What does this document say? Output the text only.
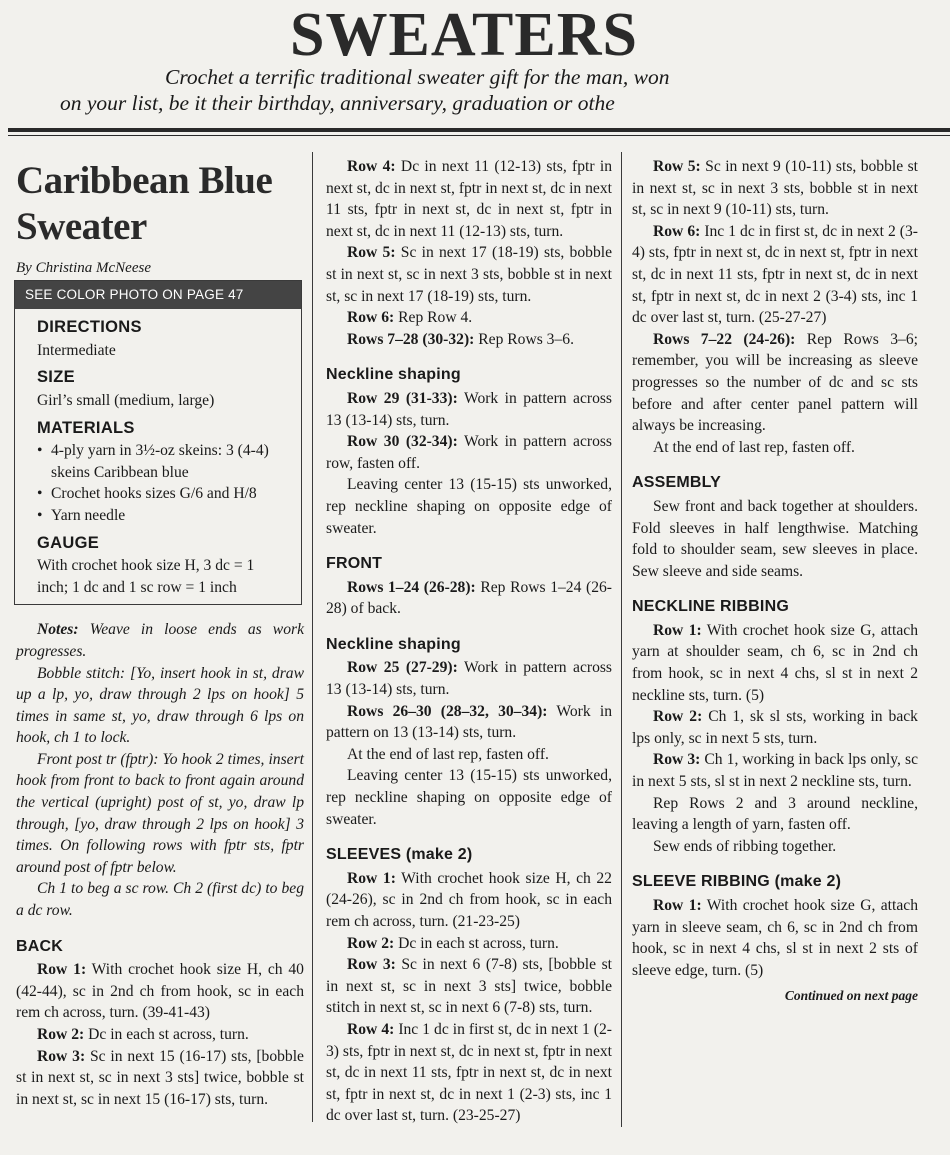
SWEATERS
Crochet a terrific traditional sweater gift for the man, won
on your list, be it their birthday, anniversary, graduation or othe
Caribbean Blue Sweater

By Christina McNeese

SEE COLOR PHOTO ON PAGE 47
DIRECTIONS

Intermediate

SIZE

Girl’s small (medium, large)

MATERIALS
• 4-ply yarn in 3½-oz skeins: 3 (4-4) skeins Caribbean blue
• Crochet hooks sizes G/6 and H/8
• Yarn needle
GAUGE

With crochet hook size H, 3 dc = 1 inch; 1 dc and 1 sc row = 1 inch

Notes: Weave in loose ends as work progresses.

Bobble stitch: [Yo, insert hook in st, draw up a lp, yo, draw through 2 lps on hook] 5 times in same st, yo, draw through 6 lps on hook, ch 1 to lock.

Front post tr (fptr): Yo hook 2 times, insert hook from front to back to front again around the vertical (upright) post of st, yo, draw lp through, [yo, draw through 2 lps on hook] 3 times. On following rows with fptr sts, fptr around post of fptr below.

Ch 1 to beg a sc row. Ch 2 (first dc) to beg a dc row.

BACK

Row 1: With crochet hook size H, ch 40 (42-44), sc in 2nd ch from hook, sc in each rem ch across, turn. (39-41-43)

Row 2: Dc in each st across, turn.

Row 3: Sc in next 15 (16-17) sts, [bobble st in next st, sc in next 3 sts] twice, bobble st in next st, sc in next 15 (16-17) sts, turn.

Row 4: Dc in next 11 (12-13) sts, fptr in next st, dc in next st, fptr in next st, dc in next 11 sts, fptr in next st, dc in next st, fptr in next st, dc in next 11 (12-13) sts, turn.

Row 5: Sc in next 17 (18-19) sts, bobble st in next st, sc in next 3 sts, bobble st in next st, sc in next 17 (18-19) sts, turn.

Row 6: Rep Row 4.

Rows 7–28 (30-32): Rep Rows 3–6.

Neckline shaping

Row 29 (31-33): Work in pattern across 13 (13-14) sts, turn.

Row 30 (32-34): Work in pattern across row, fasten off.

Leaving center 13 (15-15) sts unworked, rep neckline shaping on opposite edge of sweater.

FRONT

Rows 1–24 (26-28): Rep Rows 1–24 (26-28) of back.

Neckline shaping

Row 25 (27-29): Work in pattern across 13 (13-14) sts, turn.

Rows 26–30 (28–32, 30–34): Work in pattern on 13 (13-14) sts, turn.

At the end of last rep, fasten off.

Leaving center 13 (15-15) sts unworked, rep neckline shaping on opposite edge of sweater.

SLEEVES (make 2)

Row 1: With crochet hook size H, ch 22 (24-26), sc in 2nd ch from hook, sc in each rem ch across, turn. (21-23-25)

Row 2: Dc in each st across, turn.

Row 3: Sc in next 6 (7-8) sts, [bobble st in next st, sc in next 3 sts] twice, bobble stitch in next st, sc in next 6 (7-8) sts, turn.

Row 4: Inc 1 dc in first st, dc in next 1 (2-3) sts, fptr in next st, dc in next st, fptr in next st, dc in next 11 sts, fptr in next st, dc in next st, fptr in next st, dc in next 1 (2-3) sts, inc 1 dc over last st, turn. (23-25-27)

Row 5: Sc in next 9 (10-11) sts, bobble st in next st, sc in next 3 sts, bobble st in next st, sc in next 9 (10-11) sts, turn.

Row 6: Inc 1 dc in first st, dc in next 2 (3-4) sts, fptr in next st, dc in next st, fptr in next st, dc in next 11 sts, fptr in next st, dc in next st, fptr in next st, dc in next 2 (3-4) sts, inc 1 dc over last st, turn. (25-27-27)

Rows 7–22 (24-26): Rep Rows 3–6; remember, you will be increasing as sleeve progresses so the number of dc and sc sts before and after center panel pattern will always be increasing.

At the end of last rep, fasten off.

ASSEMBLY

Sew front and back together at shoulders. Fold sleeves in half lengthwise. Matching fold to shoulder seam, sew sleeves in place. Sew sleeve and side seams.

NECKLINE RIBBING

Row 1: With crochet hook size G, attach yarn at shoulder seam, ch 6, sc in 2nd ch from hook, sc in next 4 chs, sl st in next 2 neckline sts, turn. (5)

Row 2: Ch 1, sk sl sts, working in back lps only, sc in next 5 sts, turn.

Row 3: Ch 1, working in back lps only, sc in next 5 sts, sl st in next 2 neckline sts, turn.

Rep Rows 2 and 3 around neckline, leaving a length of yarn, fasten off.

Sew ends of ribbing together.

SLEEVE RIBBING (make 2)

Row 1: With crochet hook size G, attach yarn in sleeve seam, ch 6, sc in 2nd ch from hook, sc in next 4 chs, sl st in next 2 sts of sleeve edge, turn. (5)

Continued on next page
